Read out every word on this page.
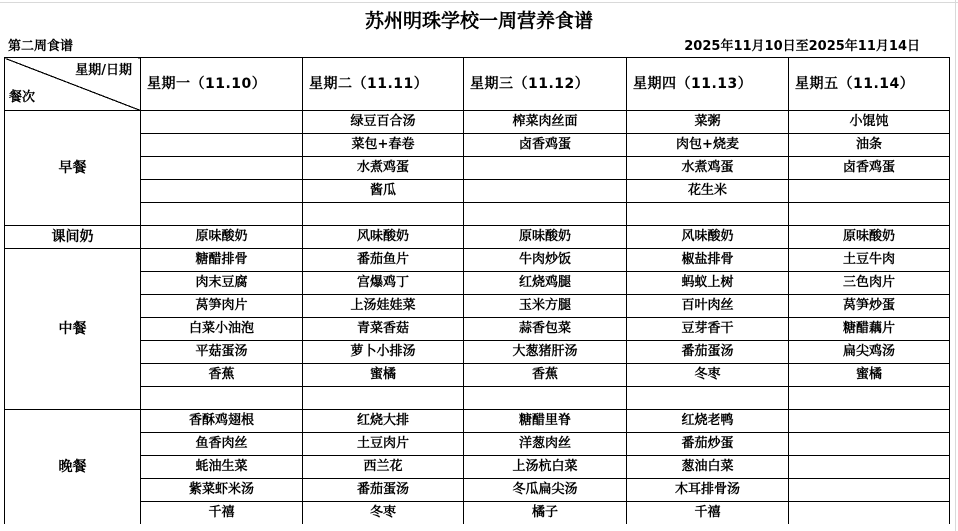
苏州明珠学校一周营养食谱
第二周食谱	2025年11月10日至2025年11月14日
星期/日期
餐次	星期一（11.10）	星期二（11.11）	星期三（11.12）	星期四（11.13）	星期五（11.14）
早餐		绿豆百合汤	榨菜肉丝面	菜粥	小馄饨
		菜包+春卷	卤香鸡蛋	肉包+烧麦	油条
		水煮鸡蛋		水煮鸡蛋	卤香鸡蛋
		酱瓜		花生米	

课间奶	原味酸奶	风味酸奶	原味酸奶	风味酸奶	原味酸奶
中餐	糖醋排骨	番茄鱼片	牛肉炒饭	椒盐排骨	土豆牛肉
	肉末豆腐	宫爆鸡丁	红烧鸡腿	蚂蚁上树	三色肉片
	莴笋肉片	上汤娃娃菜	玉米方腿	百叶肉丝	莴笋炒蛋
	白菜小油泡	青菜香菇	蒜香包菜	豆芽香干	糖醋藕片
	平菇蛋汤	萝卜小排汤	大葱猪肝汤	番茄蛋汤	扁尖鸡汤
	香蕉	蜜橘	香蕉	冬枣	蜜橘

晚餐	香酥鸡翅根	红烧大排	糖醋里脊	红烧老鸭	
	鱼香肉丝	土豆肉片	洋葱肉丝	番茄炒蛋	
	蚝油生菜	西兰花	上汤杭白菜	葱油白菜	
	紫菜虾米汤	番茄蛋汤	冬瓜扁尖汤	木耳排骨汤	
	千禧	冬枣	橘子	千禧	
